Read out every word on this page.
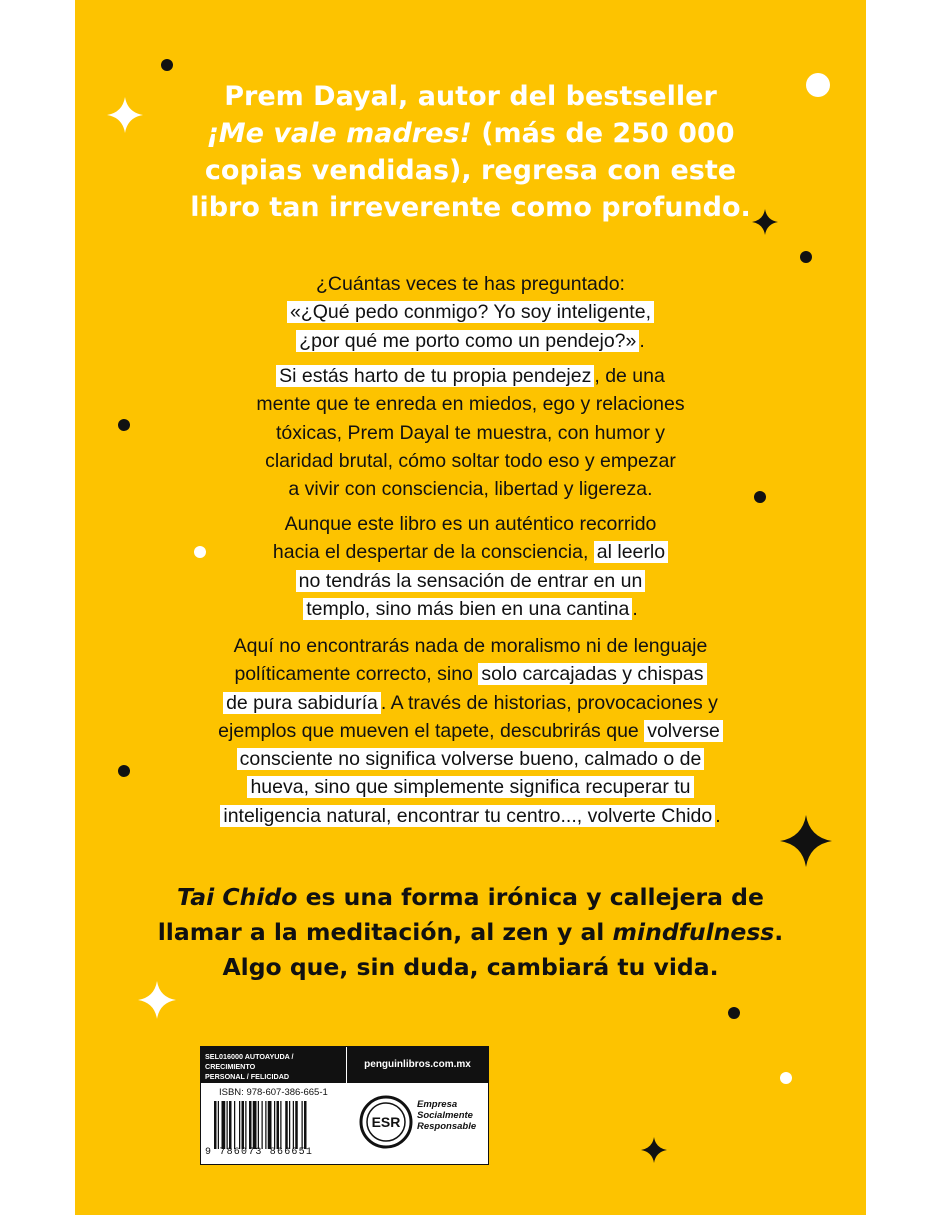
Prem Dayal, autor del bestseller
¡Me vale madres! (más de 250 000
copias vendidas), regresa con este
libro tan irreverente como profundo.
¿Cuántas veces te has preguntado:
«¿Qué pedo conmigo? Yo soy inteligente,
¿por qué me porto como un pendejo?» .
Si estás harto de tu propia pendejez , de una
mente que te enreda en miedos, ego y relaciones
tóxicas, Prem Dayal te muestra, con humor y
claridad brutal, cómo soltar todo eso y empezar
a vivir con consciencia, libertad y ligereza.
Aunque este libro es un auténtico recorrido
hacia el despertar de la consciencia, al leerlo
no tendrás la sensación de entrar en un
templo, sino más bien en una cantina .
Aquí no encontrarás nada de moralismo ni de lenguaje
políticamente correcto, sino solo carcajadas y chispas
de pura sabiduría . A través de historias, provocaciones y
ejemplos que mueven el tapete, descubrirás que volverse
consciente no significa volverse bueno, calmado o de
hueva, sino que simplemente significa recuperar tu
inteligencia natural, encontrar tu centro..., volverte Chido .
Tai Chido es una forma irónica y callejera de
llamar a la meditación, al zen y al mindfulness.
Algo que, sin duda, cambiará tu vida.
SEL016000 AUTOAYUDA / CRECIMIENTO
PERSONAL / FELICIDAD
penguinlibros.com.mx
ISBN: 978-607-386-665-1
9 786073 866651
ESR
Empresa
Socialmente
Responsable
